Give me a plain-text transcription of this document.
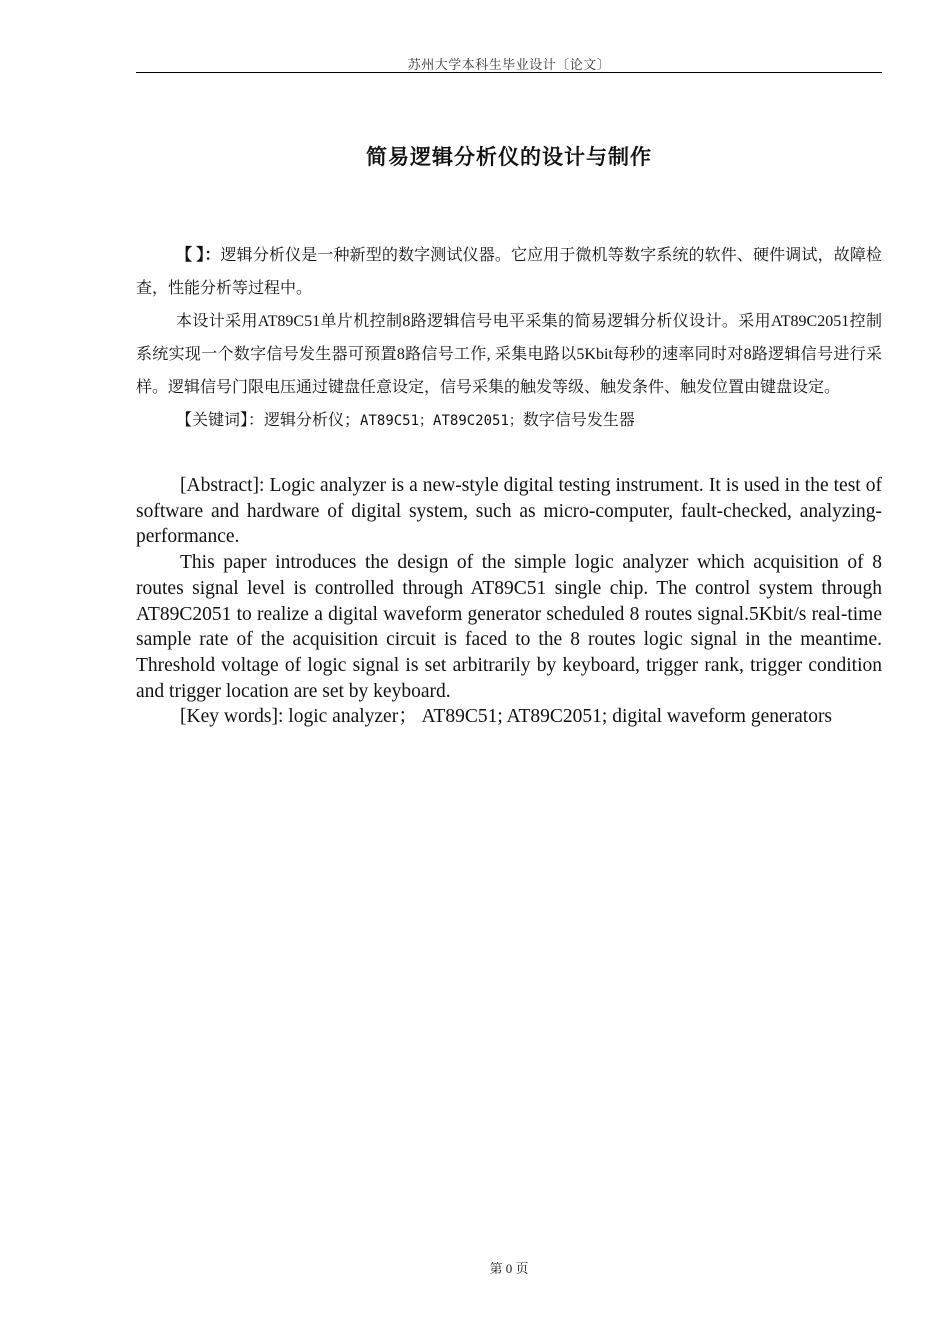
苏州大学本科生毕业设计〔论文〕
简易逻辑分析仪的设计与制作

【 】：逻辑分析仪是一种新型的数字测试仪器。它应用于微机等数字系统的软件、硬件调试，故障检查，性能分析等过程中。

本设计采用AT89C51单片机控制8路逻辑信号电平采集的简易逻辑分析仪设计。采用AT89C2051控制系统实现一个数字信号发生器可预置8路信号工作, 采集电路以5Kbit每秒的速率同时对8路逻辑信号进行采样。逻辑信号门限电压通过键盘任意设定，信号采集的触发等级、触发条件、触发位置由键盘设定。

【关键词】：逻辑分析仪；AT89C51；AT89C2051；数字信号发生器

[Abstract]: Logic analyzer is a new-style digital testing instrument. It is used in the test of software and hardware of digital system, such as micro-computer, fault-checked, analyzing-performance.

This paper introduces the design of the simple logic analyzer which acquisition of 8 routes signal level is controlled through AT89C51 single chip. The control system through AT89C2051 to realize a digital waveform generator scheduled 8 routes signal.5Kbit/s real-time sample rate of the acquisition circuit is faced to the 8 routes logic signal in the meantime. Threshold voltage of logic signal is set arbitrarily by keyboard, trigger rank, trigger condition and trigger location are set by keyboard.

[Key words]: logic analyzer； AT89C51; AT89C2051; digital waveform generators

第 0 页
